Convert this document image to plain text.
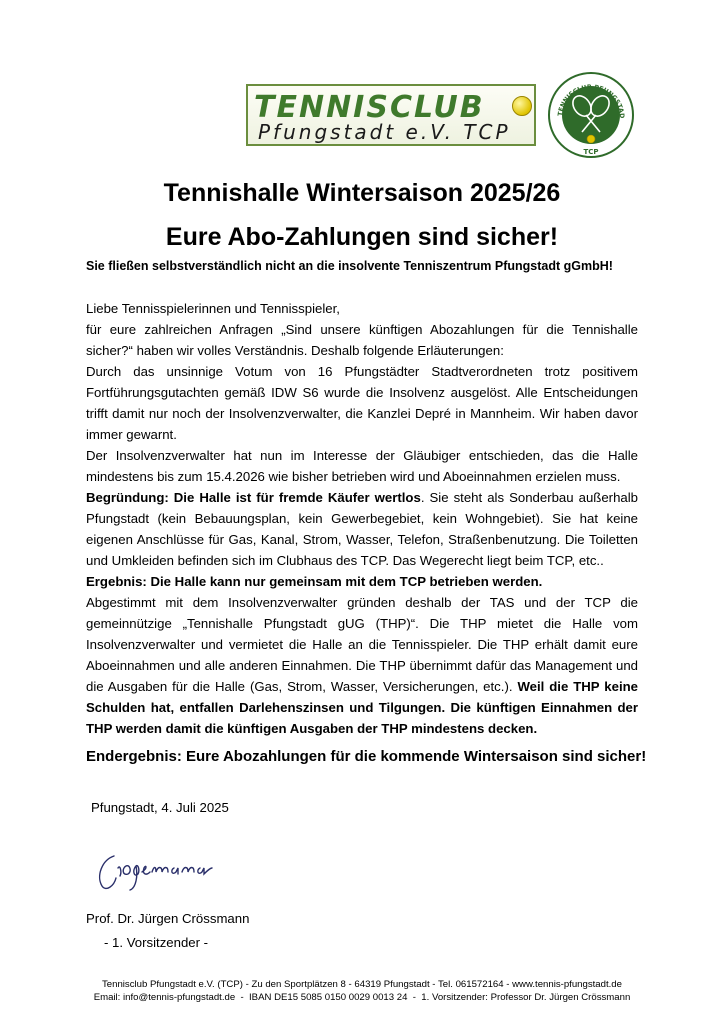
TENNISCLUB
Pfungstadt e.V. TCP
TENNISCLUB PFUNGSTAD
TCP
Tennishalle Wintersaison 2025/26
Eure Abo-Zahlungen sind sicher!
Sie fließen selbstverständlich nicht an die insolvente Tenniszentrum Pfungstadt gGmbH!

Liebe Tennisspielerinnen und Tennisspieler,

für eure zahlreichen Anfragen „Sind unsere künftigen Abozahlungen für die Tennishalle sicher?“ haben wir volles Verständnis. Deshalb folgende Erläuterungen:

Durch das unsinnige Votum von 16 Pfungstädter Stadtverordneten trotz positivem Fortführungsgutachten gemäß IDW S6 wurde die Insolvenz ausgelöst. Alle Entscheidungen trifft damit nur noch der Insolvenzverwalter, die Kanzlei Depré in Mannheim. Wir haben davor immer gewarnt.

Der Insolvenzverwalter hat nun im Interesse der Gläubiger entschieden, das die Halle mindestens bis zum 15.4.2026 wie bisher betrieben wird und Aboeinnahmen erzielen muss.

Begründung: Die Halle ist für fremde Käufer wertlos. Sie steht als Sonderbau außerhalb Pfungstadt (kein Bebauungsplan, kein Gewerbegebiet, kein Wohngebiet). Sie hat keine eigenen Anschlüsse für Gas, Kanal, Strom, Wasser, Telefon, Straßenbenutzung. Die Toiletten und Umkleiden befinden sich im Clubhaus des TCP. Das Wegerecht liegt beim TCP, etc..

Ergebnis: Die Halle kann nur gemeinsam mit dem TCP betrieben werden.

Abgestimmt mit dem Insolvenzverwalter gründen deshalb der TAS und der TCP die gemeinnützige „Tennishalle Pfungstadt gUG (THP)“. Die THP mietet die Halle vom Insolvenzverwalter und vermietet die Halle an die Tennisspieler. Die THP erhält damit eure Aboeinnahmen und alle anderen Einnahmen. Die THP übernimmt dafür das Management und die Ausgaben für die Halle (Gas, Strom, Wasser, Versicherungen, etc.). Weil die THP keine Schulden hat, entfallen Darlehenszinsen und Tilgungen. Die künftigen Einnahmen der THP werden damit die künftigen Ausgaben der THP mindestens decken.

Endergebnis: Eure Abozahlungen für die kommende Wintersaison sind sicher!
Pfungstadt, 4. Juli 2025
Prof. Dr. Jürgen Crössmann
- 1. Vorsitzender -
Tennisclub Pfungstadt e.V. (TCP) - Zu den Sportplätzen 8 - 64319 Pfungstadt - Tel. 061572164 - www.tennis-pfungstadt.de
Email: info@tennis-pfungstadt.de  -  IBAN DE15 5085 0150 0029 0013 24  -  1. Vorsitzender: Professor Dr. Jürgen Crössmann
